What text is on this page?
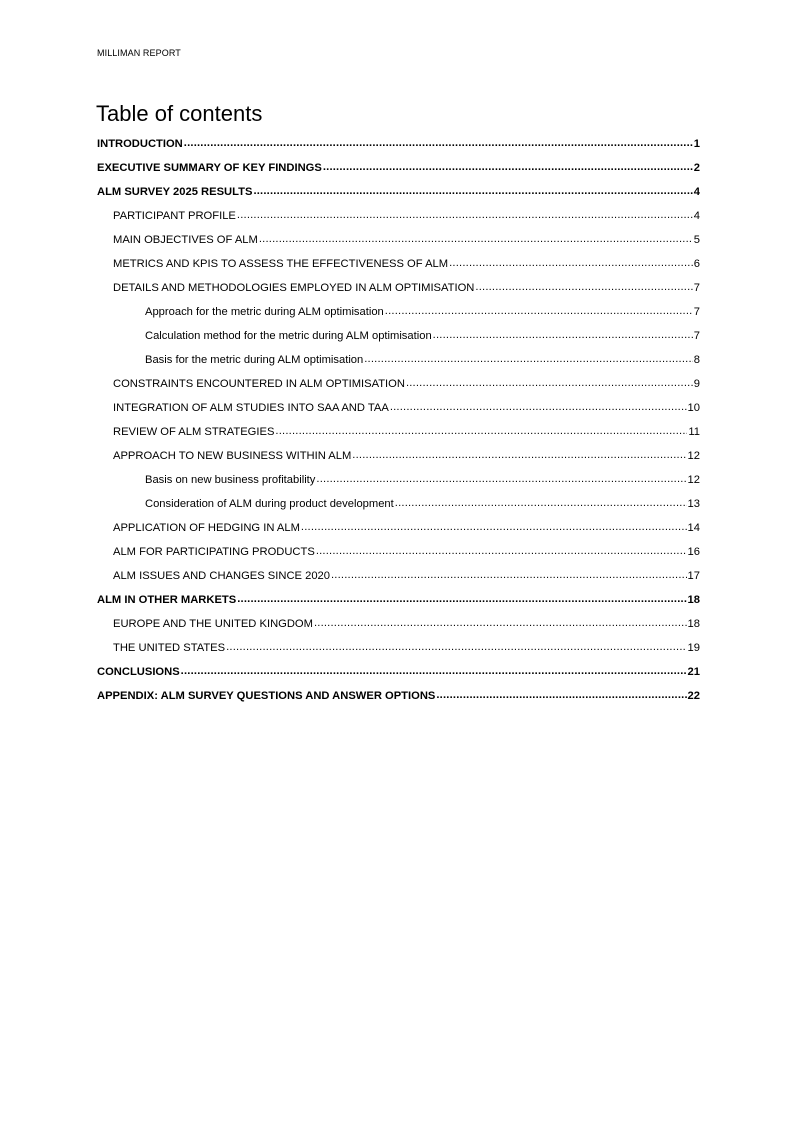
MILLIMAN REPORT
Table of contents
INTRODUCTION .....	1
EXECUTIVE SUMMARY OF KEY FINDINGS .....	2
ALM SURVEY 2025 RESULTS .....	4
PARTICIPANT PROFILE .....	4
MAIN OBJECTIVES OF ALM .....	5
METRICS AND KPIS TO ASSESS THE EFFECTIVENESS OF ALM .....	6
DETAILS AND METHODOLOGIES EMPLOYED IN ALM OPTIMISATION .....	7
Approach for the metric during ALM optimisation .....	7
Calculation method for the metric during ALM optimisation .....	7
Basis for the metric during ALM optimisation .....	8
CONSTRAINTS ENCOUNTERED IN ALM OPTIMISATION .....	9
INTEGRATION OF ALM STUDIES INTO SAA AND TAA .....	10
REVIEW OF ALM STRATEGIES .....	11
APPROACH TO NEW BUSINESS WITHIN ALM .....	12
Basis on new business profitability .....	12
Consideration of ALM during product development .....	13
APPLICATION OF HEDGING IN ALM .....	14
ALM FOR PARTICIPATING PRODUCTS .....	16
ALM ISSUES AND CHANGES SINCE 2020 .....	17
ALM IN OTHER MARKETS .....	18
EUROPE AND THE UNITED KINGDOM .....	18
THE UNITED STATES .....	19
CONCLUSIONS .....	21
APPENDIX: ALM SURVEY QUESTIONS AND ANSWER OPTIONS .....	22
